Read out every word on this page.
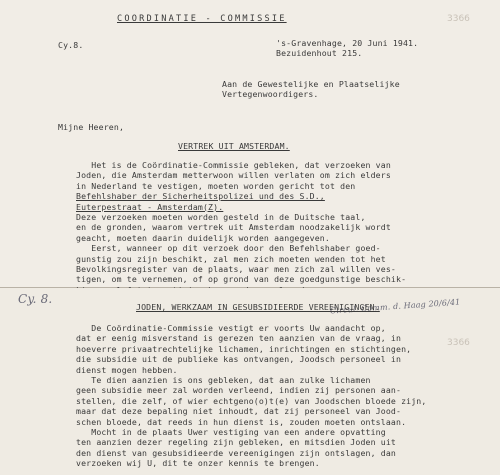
3366
COORDINATIE - COMMISSIE
Cy.8.	's-Gravenhage, 20 Juni 1941.
Bezuidenhout 215.
Aan de Gewestelijke en Plaatselijke
Vertegenwoordigers.
Mijne Heeren,
VERTREK UIT AMSTERDAM.
Het is de Coördinatie-Commissie gebleken, dat verzoeken van
Joden, die Amsterdam metterwoon willen verlaten om zich elders
in Nederland te vestigen, moeten worden gericht tot den
Befehlshaber der Sicherheitspolizei und des S.D.,
Euterpestraat - Amsterdam(Z).
Deze verzoeken moeten worden gesteld in de Duitsche taal,
en de gronden, waarom vertrek uit Amsterdam noodzakelijk wordt
geacht, moeten daarin duidelijk worden aangegeven.
Eerst, wanneer op dit verzoek door den Befehlshaber goed-
gunstig zou zijn beschikt, zal men zich moeten wenden tot het
Bevolkingsregister van de plaats, waar men zich zal willen ves-
tigen, om te vernemen, of op grond van deze goedgunstige beschik-
3366
Cy. 8.	Circul. Comm. d. Haag 20/6/41
JODEN, WERKZAAM IN GESUBSIDIEERDE VEREENIGINGEN.
De Coördinatie-Commissie vestigt er voorts Uw aandacht op,
dat er eenig misverstand is gerezen ten aanzien van de vraag, in
hoeverre privaatrechtelijke lichamen, inrichtingen en stichtingen,
die subsidie uit de publieke kas ontvangen, Joodsch personeel in
dienst mogen hebben.
Te dien aanzien is ons gebleken, dat aan zulke lichamen
geen subsidie meer zal worden verleend, indien zij personen aan-
stellen, die zelf, of wier echtgeno(o)t(e) van Joodschen bloede zijn,
maar dat deze bepaling niet inhoudt, dat zij personeel van Jood-
schen bloede, dat reeds in hun dienst is, zouden moeten ontslaan.
Mocht in de plaats Uwer vestiging van een andere opvatting
ten aanzien dezer regeling zijn gebleken, en mitsdien Joden uit
den dienst van gesubsidieerde vereenigingen zijn ontslagen, dan
verzoeken wij U, dit te onzer kennis te brengen.
